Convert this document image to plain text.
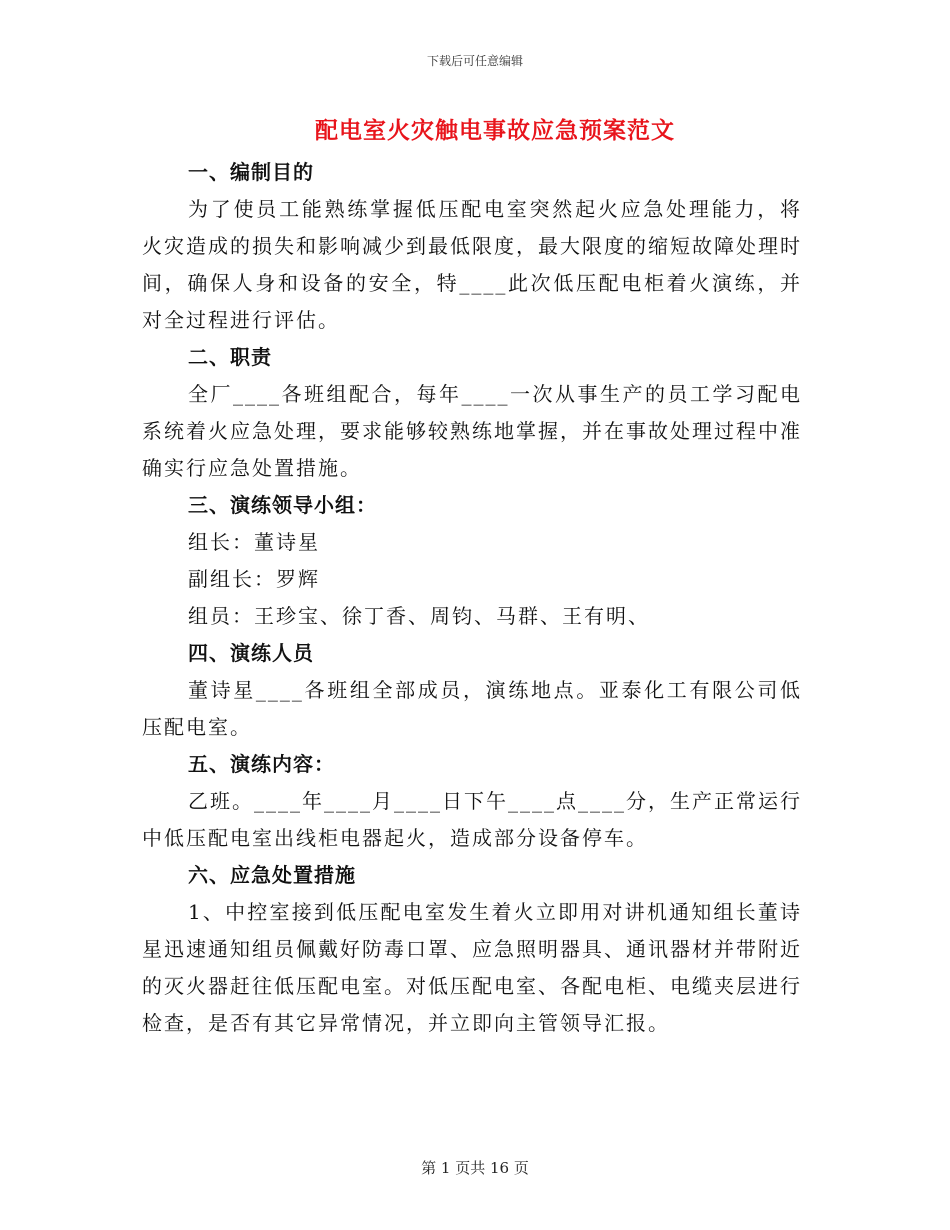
下载后可任意编辑
配电室火灾触电事故应急预案范文

一、编制目的

为了使员工能熟练掌握低压配电室突然起火应急处理能力，将火灾造成的损失和影响减少到最低限度，最大限度的缩短故障处理时间，确保人身和设备的安全，特____此次低压配电柜着火演练，并对全过程进行评估。

二、职责

全厂____各班组配合，每年____一次从事生产的员工学习配电系统着火应急处理，要求能够较熟练地掌握，并在事故处理过程中准确实行应急处置措施。

三、演练领导小组：

组长：董诗星

副组长：罗辉

组员：王珍宝、徐丁香、周钧、马群、王有明、

四、演练人员

董诗星____各班组全部成员，演练地点。亚泰化工有限公司低压配电室。

五、演练内容：

乙班。____年____月____日下午____点____分，生产正常运行中低压配电室出线柜电器起火，造成部分设备停车。

六、应急处置措施

1、中控室接到低压配电室发生着火立即用对讲机通知组长董诗星迅速通知组员佩戴好防毒口罩、应急照明器具、通讯器材并带附近的灭火器赶往低压配电室。对低压配电室、各配电柜、电缆夹层进行检查，是否有其它异常情况，并立即向主管领导汇报。

第 1 页共 16 页
